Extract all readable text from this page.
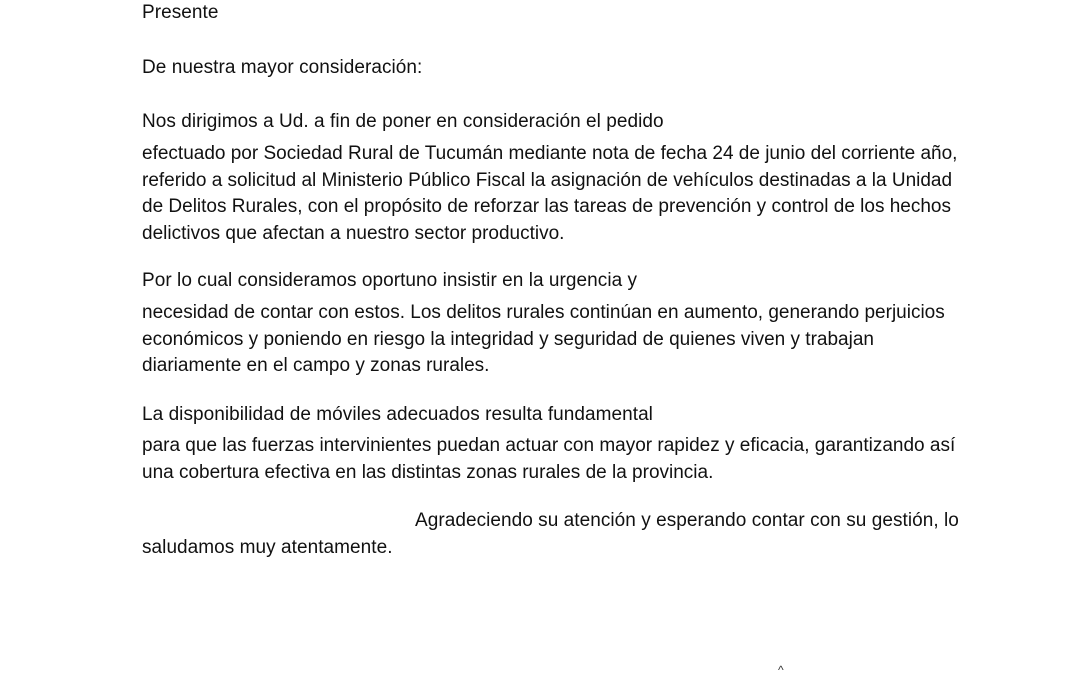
Presente
De nuestra mayor consideración:
Nos dirigimos a Ud. a fin de poner en consideración el pedido
efectuado por Sociedad Rural de Tucumán mediante nota de fecha 24 de junio del corriente año,
referido a solicitud al Ministerio Público Fiscal la asignación de vehículos destinadas a la Unidad
de Delitos Rurales, con el propósito de reforzar las tareas de prevención y control de los hechos
delictivos que afectan a nuestro sector productivo.
Por lo cual consideramos oportuno insistir en la urgencia y
necesidad de contar con estos. Los delitos rurales continúan en aumento, generando perjuicios
económicos y poniendo en riesgo la integridad y seguridad de quienes viven y trabajan
diariamente en el campo y zonas rurales.
La disponibilidad de móviles adecuados resulta fundamental
para que las fuerzas intervinientes puedan actuar con mayor rapidez y eficacia, garantizando así
una cobertura efectiva en las distintas zonas rurales de la provincia.
Agradeciendo su atención y esperando contar con su gestión, lo
saludamos muy atentamente.
^
